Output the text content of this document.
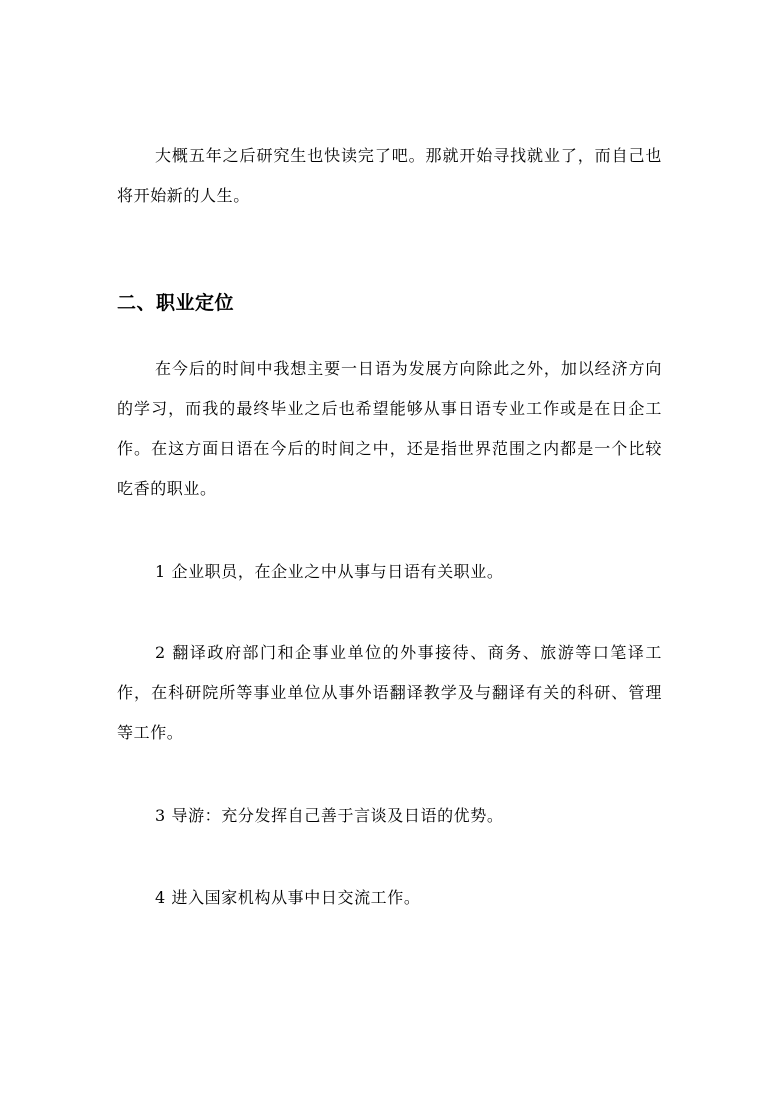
大概五年之后研究生也快读完了吧。那就开始寻找就业了，而自己也将开始新的人生。

二、职业定位

在今后的时间中我想主要一日语为发展方向除此之外，加以经济方向的学习，而我的最终毕业之后也希望能够从事日语专业工作或是在日企工作。在这方面日语在今后的时间之中，还是指世界范围之内都是一个比较吃香的职业。

1 企业职员，在企业之中从事与日语有关职业。

2 翻译政府部门和企事业单位的外事接待、商务、旅游等口笔译工作，在科研院所等事业单位从事外语翻译教学及与翻译有关的科研、管理等工作。

3 导游：充分发挥自己善于言谈及日语的优势。

4 进入国家机构从事中日交流工作。
